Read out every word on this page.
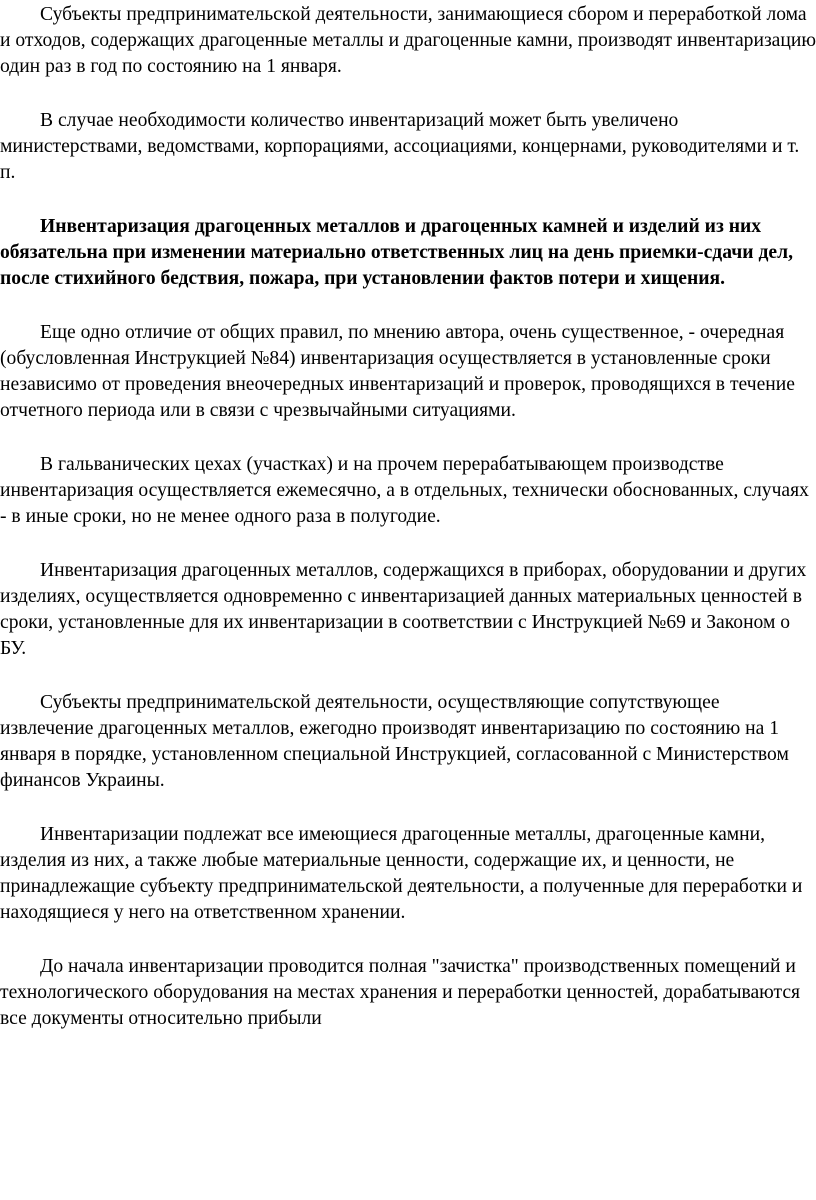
Субъекты предпринимательской деятельности, занимающиеся сбором и переработкой лома и отходов, содержащих драгоценные металлы и драгоценные камни, производят инвентаризацию один раз в год по состоянию на 1 января.

В случае необходимости количество инвентаризаций может быть увеличено министерствами, ведомствами, корпорациями, ассоциациями, концернами, руководителями и т. п.

Инвентаризация драгоценных металлов и драгоценных камней и изделий из них обязательна при изменении материально ответственных лиц на день приемки-сдачи дел, после стихийного бедствия, пожара, при установлении фактов потери и хищения.

Еще одно отличие от общих правил, по мнению автора, очень существенное, - очередная (обусловленная Инструкцией №84) инвентаризация осуществляется в установленные сроки независимо от проведения внеочередных инвентаризаций и проверок, проводящихся в течение отчетного периода или в связи с чрезвычайными ситуациями.

В гальванических цехах (участках) и на прочем перерабатывающем производстве инвентаризация осуществляется ежемесячно, а в отдельных, технически обоснованных, случаях - в иные сроки, но не менее одного раза в полугодие.

Инвентаризация драгоценных металлов, содержащихся в приборах, оборудовании и других изделиях, осуществляется одновременно с инвентаризацией данных материальных ценностей в сроки, установленные для их инвентаризации в соответствии с Инструкцией №69 и Законом о БУ.

Субъекты предпринимательской деятельности, осуществляющие сопутствующее извлечение драгоценных металлов, ежегодно производят инвентаризацию по состоянию на 1 января в порядке, установленном специальной Инструкцией, согласованной с Министерством финансов Украины.

Инвентаризации подлежат все имеющиеся драгоценные металлы, драгоценные камни, изделия из них, а также любые материальные ценности, содержащие их, и ценности, не принадлежащие субъекту предпринимательской деятельности, а полученные для переработки и находящиеся у него на ответственном хранении.

До начала инвентаризации проводится полная "зачистка" производственных помещений и технологического оборудования на местах хранения и переработки ценностей, дорабатываются все документы относительно прибыли
